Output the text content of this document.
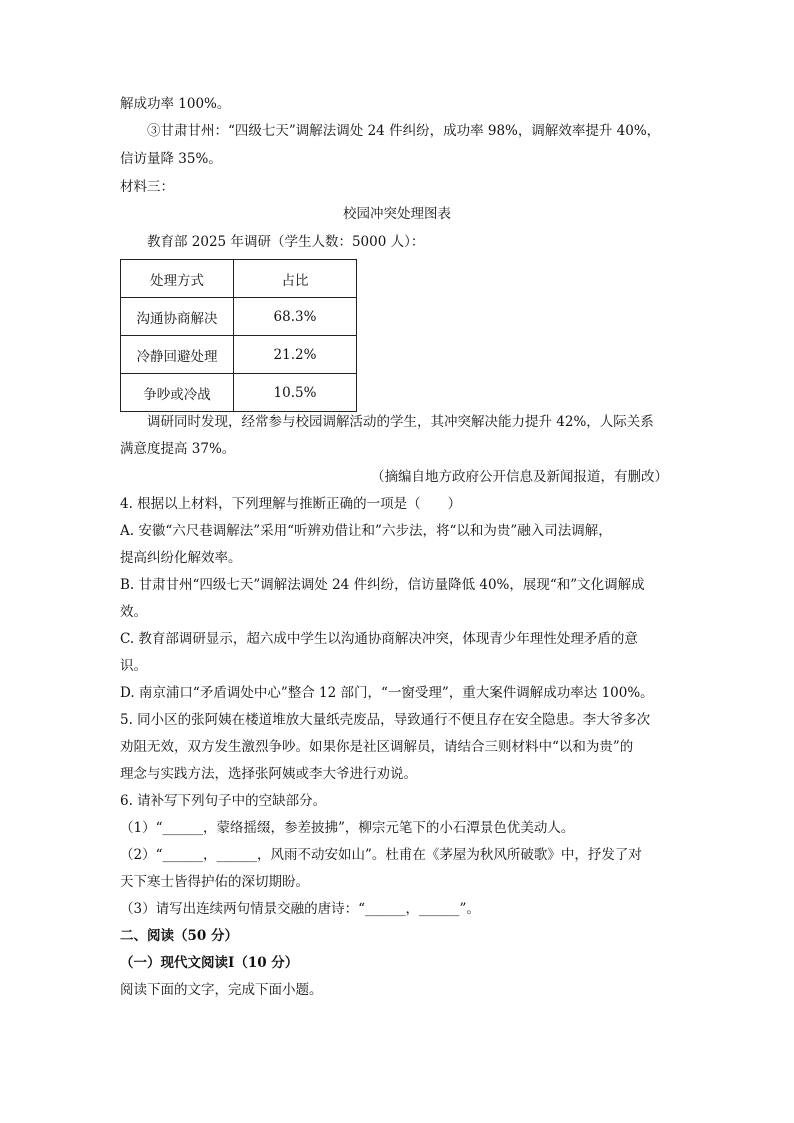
解成功率 100%。
③甘肃甘州：“四级七天”调解法调处 24 件纠纷，成功率 98%，调解效率提升 40%，
信访量降 35%。
材料三：
校园冲突处理图表
教育部 2025 年调研（学生人数：5000 人）：
处理方式	占比
沟通协商解决	68.3%
冷静回避处理	21.2%
争吵或冷战	10.5%
调研同时发现，经常参与校园调解活动的学生，其冲突解决能力提升 42%，人际关系
满意度提高 37%。
（摘编自地方政府公开信息及新闻报道，有删改）
4. 根据以上材料，下列理解与推断正确的一项是（　　）
A. 安徽“六尺巷调解法”采用“听辨劝借让和”六步法，将“以和为贵”融入司法调解，
提高纠纷化解效率。
B. 甘肃甘州“四级七天”调解法调处 24 件纠纷，信访量降低 40%，展现“和”文化调解成
效。
C. 教育部调研显示，超六成中学生以沟通协商解决冲突，体现青少年理性处理矛盾的意
识。
D. 南京浦口“矛盾调处中心”整合 12 部门，“一窗受理”，重大案件调解成功率达 100%。
5. 同小区的张阿姨在楼道堆放大量纸壳废品，导致通行不便且存在安全隐患。李大爷多次
劝阻无效，双方发生激烈争吵。如果你是社区调解员，请结合三则材料中“以和为贵”的
理念与实践方法，选择张阿姨或李大爷进行劝说。
6. 请补写下列句子中的空缺部分。
（1）“______，蒙络摇缀，参差披拂”，柳宗元笔下的小石潭景色优美动人。
（2）“______，______，风雨不动安如山”。杜甫在《茅屋为秋风所破歌》中，抒发了对
天下寒士皆得护佑的深切期盼。
（3）请写出连续两句情景交融的唐诗：“______，______”。
二、阅读（50 分）
（一）现代文阅读Ⅰ（10 分）
阅读下面的文字，完成下面小题。
